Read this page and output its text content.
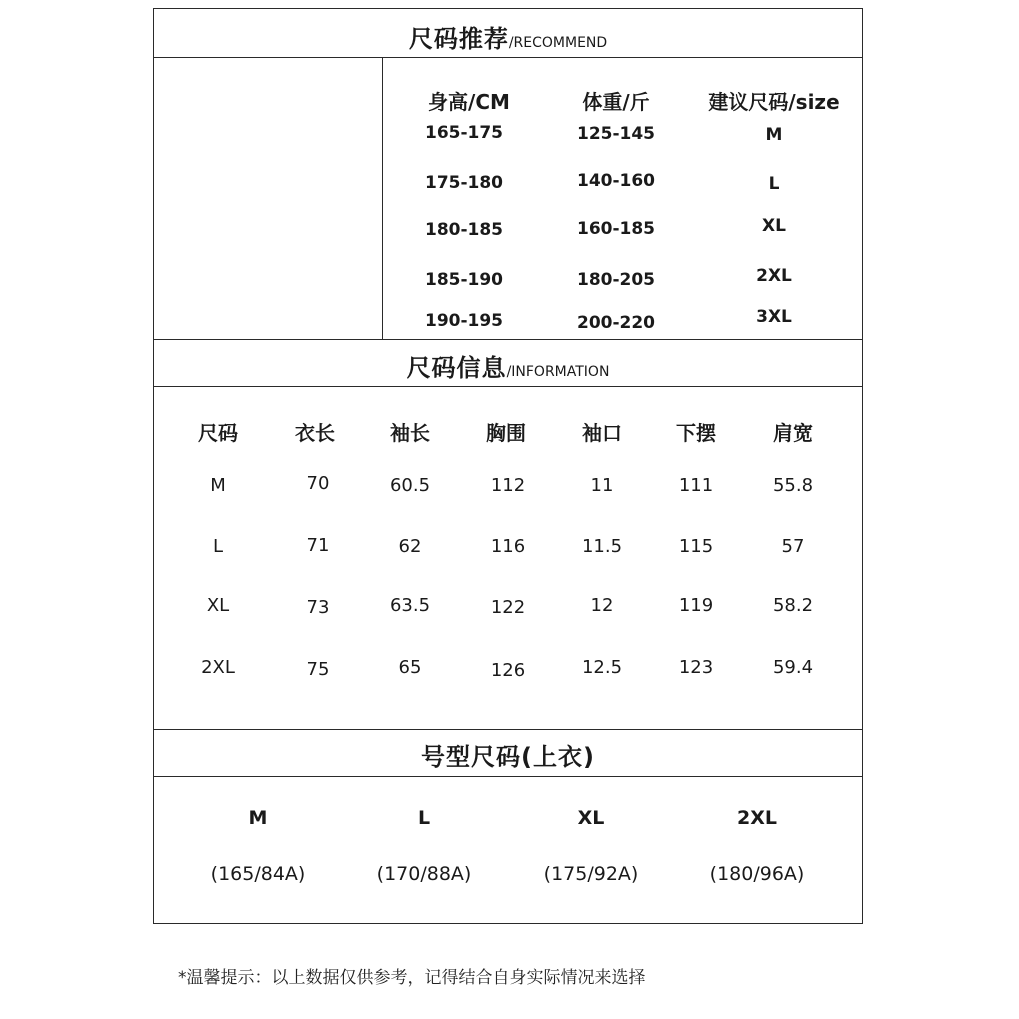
尺码推荐/RECOMMEND
身高/CM	体重/斤	建议尺码/size
165-175	125-145	M
175-180	140-160	L
180-185	160-185	XL
185-190	180-205	2XL
190-195	200-220	3XL
尺码信息/INFORMATION
尺码	衣长	袖长	胸围	袖口	下摆	肩宽
M	70	60.5	112	11	111	55.8
L	71	62	116	11.5	115	57
XL	73	63.5	122	12	119	58.2
2XL	75	65	126	12.5	123	59.4
号型尺码(上衣)
M	L	XL	2XL
(165/84A)	(170/88A)	(175/92A)	(180/96A)
*温馨提示：以上数据仅供参考，记得结合自身实际情况来选择
